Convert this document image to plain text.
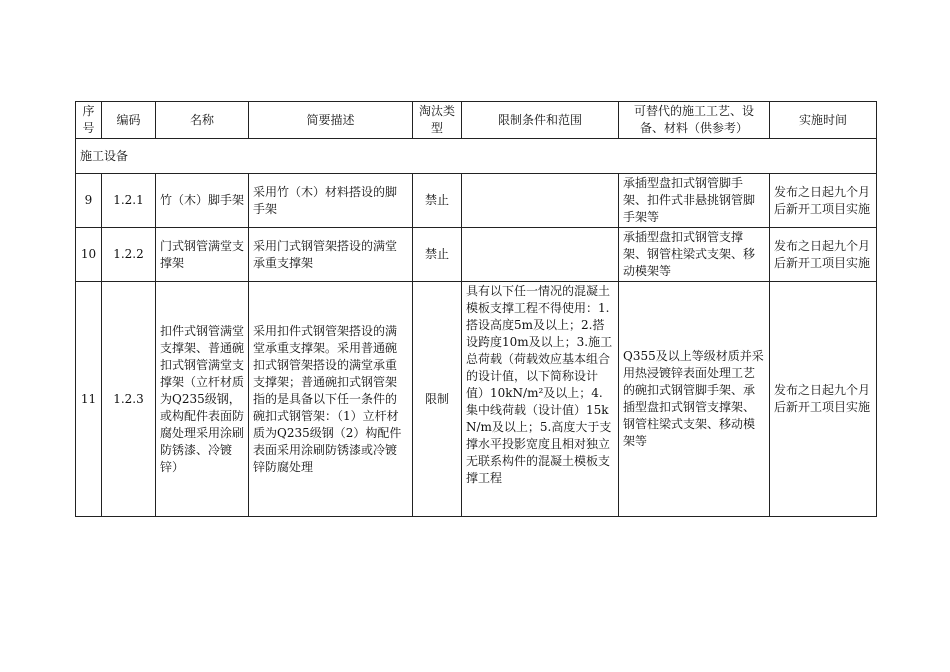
序号	编码	名称	简要描述	淘汰类型	限制条件和范围	可替代的施工工艺、设备、材料（供参考）	实施时间
施工设备							
9	1.2.1	竹（木）脚手架	采用竹（木）材料搭设的脚手架	禁止		承插型盘扣式钢管脚手架、扣件式非悬挑钢管脚手架等	发布之日起九个月后新开工项目实施
10	1.2.2	门式钢管满堂支撑架	采用门式钢管架搭设的满堂承重支撑架	禁止		承插型盘扣式钢管支撑架、钢管柱梁式支架、移动模架等	发布之日起九个月后新开工项目实施
11	1.2.3	扣件式钢管满堂支撑架、普通碗扣式钢管满堂支撑架（立杆材质为Q235级钢，或构配件表面防腐处理采用涂刷防锈漆、冷镀锌）	采用扣件式钢管架搭设的满堂承重支撑架。采用普通碗扣式钢管架搭设的满堂承重支撑架；普通碗扣式钢管架指的是具备以下任一条件的碗扣式钢管架：（1）立杆材质为Q235级钢（2）构配件表面采用涂刷防锈漆或冷镀锌防腐处理	限制	具有以下任一情况的混凝土模板支撑工程不得使用：1.搭设高度5m及以上；2.搭设跨度10m及以上；3.施工总荷载（荷载效应基本组合的设计值，以下简称设计值）10kN/m²及以上；4.集中线荷载（设计值）15kN/m及以上；5.高度大于支撑水平投影宽度且相对独立无联系构件的混凝土模板支撑工程	Q355及以上等级材质并采用热浸镀锌表面处理工艺的碗扣式钢管脚手架、承插型盘扣式钢管支撑架、钢管柱梁式支架、移动模架等	发布之日起九个月后新开工项目实施
